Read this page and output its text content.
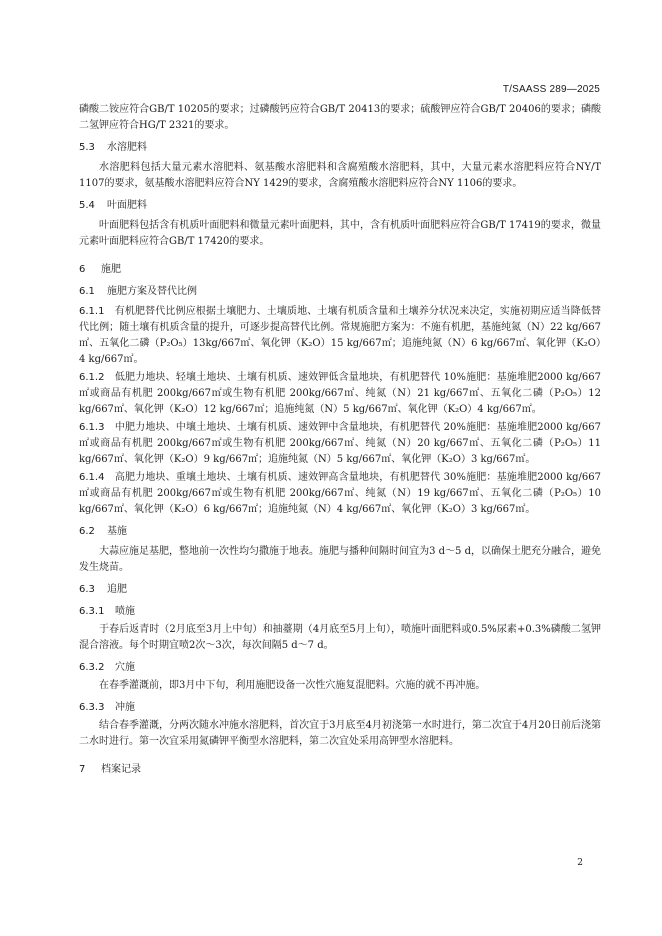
T/SAASS 289—2025

磷酸二铵应符合GB/T 10205的要求；过磷酸钙应符合GB/T 20413的要求；硫酸钾应符合GB/T 20406的要求；磷酸二氢钾应符合HG/T 2321的要求。

5.3 水溶肥料

水溶肥料包括大量元素水溶肥料、氨基酸水溶肥料和含腐殖酸水溶肥料，其中，大量元素水溶肥料应符合NY/T 1107的要求，氨基酸水溶肥料应符合NY 1429的要求，含腐殖酸水溶肥料应符合NY 1106的要求。

5.4 叶面肥料

叶面肥料包括含有机质叶面肥料和微量元素叶面肥料，其中，含有机质叶面肥料应符合GB/T 17419的要求，微量元素叶面肥料应符合GB/T 17420的要求。

6 施肥
6.1 施肥方案及替代比例

6.1.1　 有机肥替代比例应根据土壤肥力、土壤质地、土壤有机质含量和土壤养分状况来决定，实施初期应适当降低替代比例；随土壤有机质含量的提升，可逐步提高替代比例。常规施肥方案为：不施有机肥，基施纯氮（N）22 kg/667㎡、五氧化二磷（P₂O₅）13kg/667㎡、氧化钾（K₂O）15 kg/667㎡；追施纯氮（N）6 kg/667㎡、氧化钾（K₂O）4 kg/667㎡。

6.1.2　 低肥力地块、轻壤土地块、土壤有机质、速效钾低含量地块，有机肥替代 10%施肥：基施堆肥2000 kg/667㎡或商品有机肥 200kg/667㎡或生物有机肥 200kg/667㎡、纯氮（N）21 kg/667㎡、五氧化二磷（P₂O₅）12 kg/667㎡、氧化钾（K₂O）12 kg/667㎡；追施纯氮（N）5 kg/667㎡、氧化钾（K₂O）4 kg/667㎡。

6.1.3　 中肥力地块、中壤土地块、土壤有机质、速效钾中含量地块，有机肥替代 20%施肥：基施堆肥2000 kg/667㎡或商品有机肥 200kg/667㎡或生物有机肥 200kg/667㎡、纯氮（N）20 kg/667㎡、五氧化二磷（P₂O₅）11 kg/667㎡、氧化钾（K₂O）9 kg/667㎡；追施纯氮（N）5 kg/667㎡、氧化钾（K₂O）3 kg/667㎡。

6.1.4　 高肥力地块、重壤土地块、土壤有机质、速效钾高含量地块，有机肥替代 30%施肥：基施堆肥2000 kg/667㎡或商品有机肥 200kg/667㎡或生物有机肥 200kg/667㎡、纯氮（N）19 kg/667㎡、五氧化二磷（P₂O₅）10 kg/667㎡、氧化钾（K₂O）6 kg/667㎡；追施纯氮（N）4 kg/667㎡、氧化钾（K₂O）3 kg/667㎡。

6.2 基施

大蒜应施足基肥，整地前一次性均匀撒施于地表。施肥与播种间隔时间宜为3 d～5 d，以确保土肥充分融合，避免发生烧苗。

6.3 追肥
6.3.1 喷施

于春后返青时（2月底至3月上中旬）和抽薹期（4月底至5月上旬），喷施叶面肥料或0.5%尿素+0.3%磷酸二氢钾混合溶液。每个时期宜喷2次～3次，每次间隔5 d～7 d。

6.3.2 穴施

在春季灌溉前，即3月中下旬，利用施肥设备一次性穴施复混肥料。穴施的就不再冲施。

6.3.3 冲施

结合春季灌溉，分两次随水冲施水溶肥料，首次宜于3月底至4月初浇第一水时进行，第二次宜于4月20日前后浇第二水时进行。第一次宜采用氮磷钾平衡型水溶肥料，第二次宜处采用高钾型水溶肥料。

7 档案记录
2
